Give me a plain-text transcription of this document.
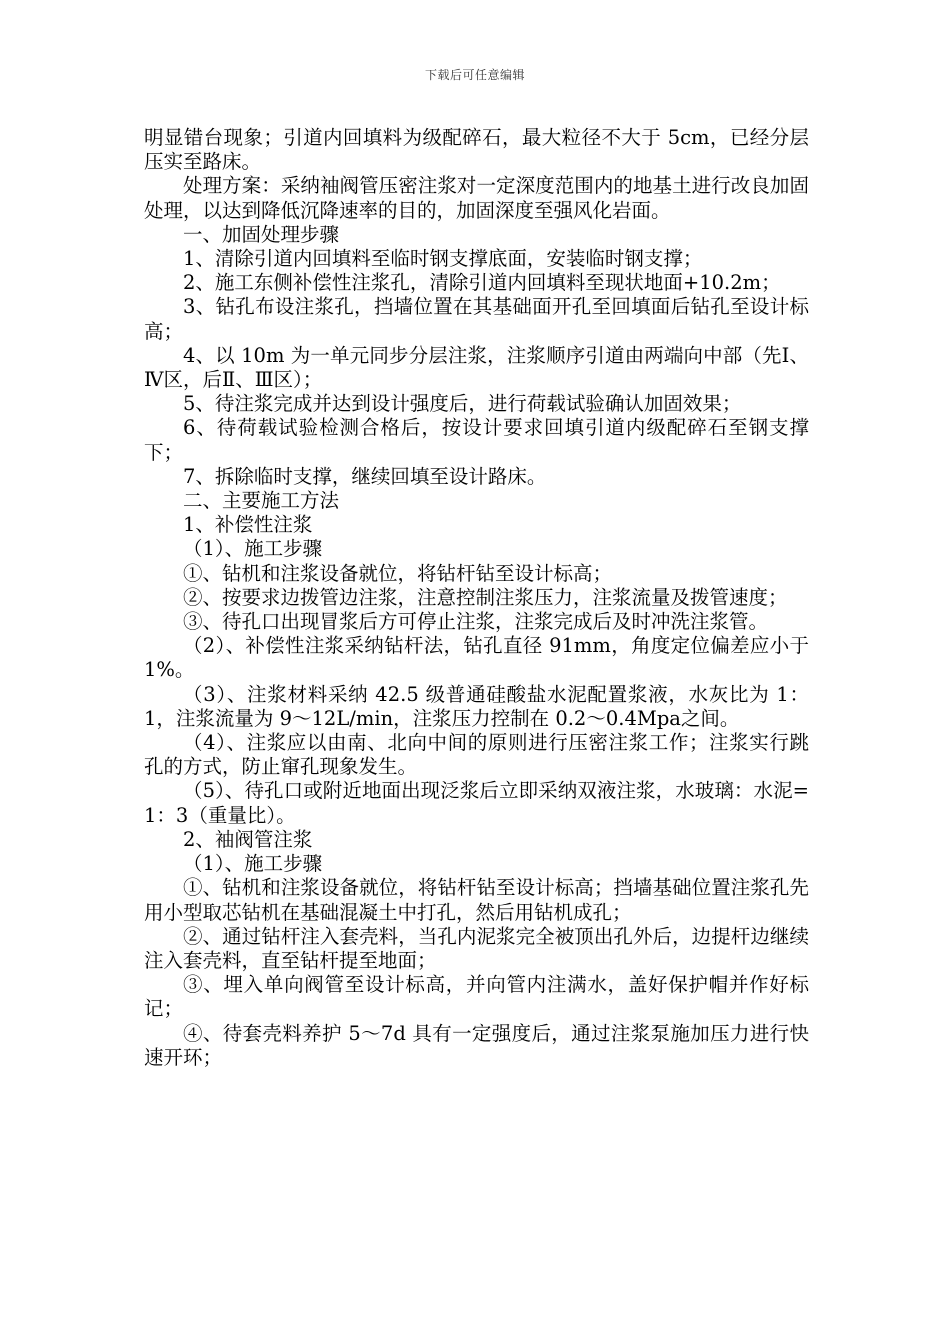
下载后可任意编辑

明显错台现象；引道内回填料为级配碎石，最大粒径不大于 5cm，已经分层压实至路床。

处理方案：采纳袖阀管压密注浆对一定深度范围内的地基土进行改良加固处理，以达到降低沉降速率的目的，加固深度至强风化岩面。

一、加固处理步骤

1、清除引道内回填料至临时钢支撑底面，安装临时钢支撑；

2、施工东侧补偿性注浆孔，清除引道内回填料至现状地面+10.2m；

3、钻孔布设注浆孔，挡墙位置在其基础面开孔至回填面后钻孔至设计标高；

4、以 10m 为一单元同步分层注浆，注浆顺序引道由两端向中部（先Ⅰ、Ⅳ区，后Ⅱ、Ⅲ区）；

5、待注浆完成并达到设计强度后，进行荷载试验确认加固效果；

6、待荷载试验检测合格后，按设计要求回填引道内级配碎石至钢支撑下；

7、拆除临时支撑，继续回填至设计路床。

二、主要施工方法

1、补偿性注浆

（1）、施工步骤

①、钻机和注浆设备就位，将钻杆钻至设计标高；

②、按要求边拨管边注浆，注意控制注浆压力，注浆流量及拨管速度；

③、待孔口出现冒浆后方可停止注浆，注浆完成后及时冲洗注浆管。

（2）、补偿性注浆采纳钻杆法，钻孔直径 91mm，角度定位偏差应小于 1%。

（3）、注浆材料采纳 42.5 级普通硅酸盐水泥配置浆液，水灰比为 1：1，注浆流量为 9～12L/min，注浆压力控制在 0.2～0.4Mpa之间。

（4）、注浆应以由南、北向中间的原则进行压密注浆工作；注浆实行跳孔的方式，防止窜孔现象发生。

（5）、待孔口或附近地面出现泛浆后立即采纳双液注浆，水玻璃：水泥=1：3（重量比）。

2、袖阀管注浆

（1）、施工步骤

①、钻机和注浆设备就位，将钻杆钻至设计标高；挡墙基础位置注浆孔先用小型取芯钻机在基础混凝土中打孔，然后用钻机成孔；

②、通过钻杆注入套壳料，当孔内泥浆完全被顶出孔外后，边提杆边继续注入套壳料，直至钻杆提至地面；

③、埋入单向阀管至设计标高，并向管内注满水，盖好保护帽并作好标记；

④、待套壳料养护 5～7d 具有一定强度后，通过注浆泵施加压力进行快速开环；
